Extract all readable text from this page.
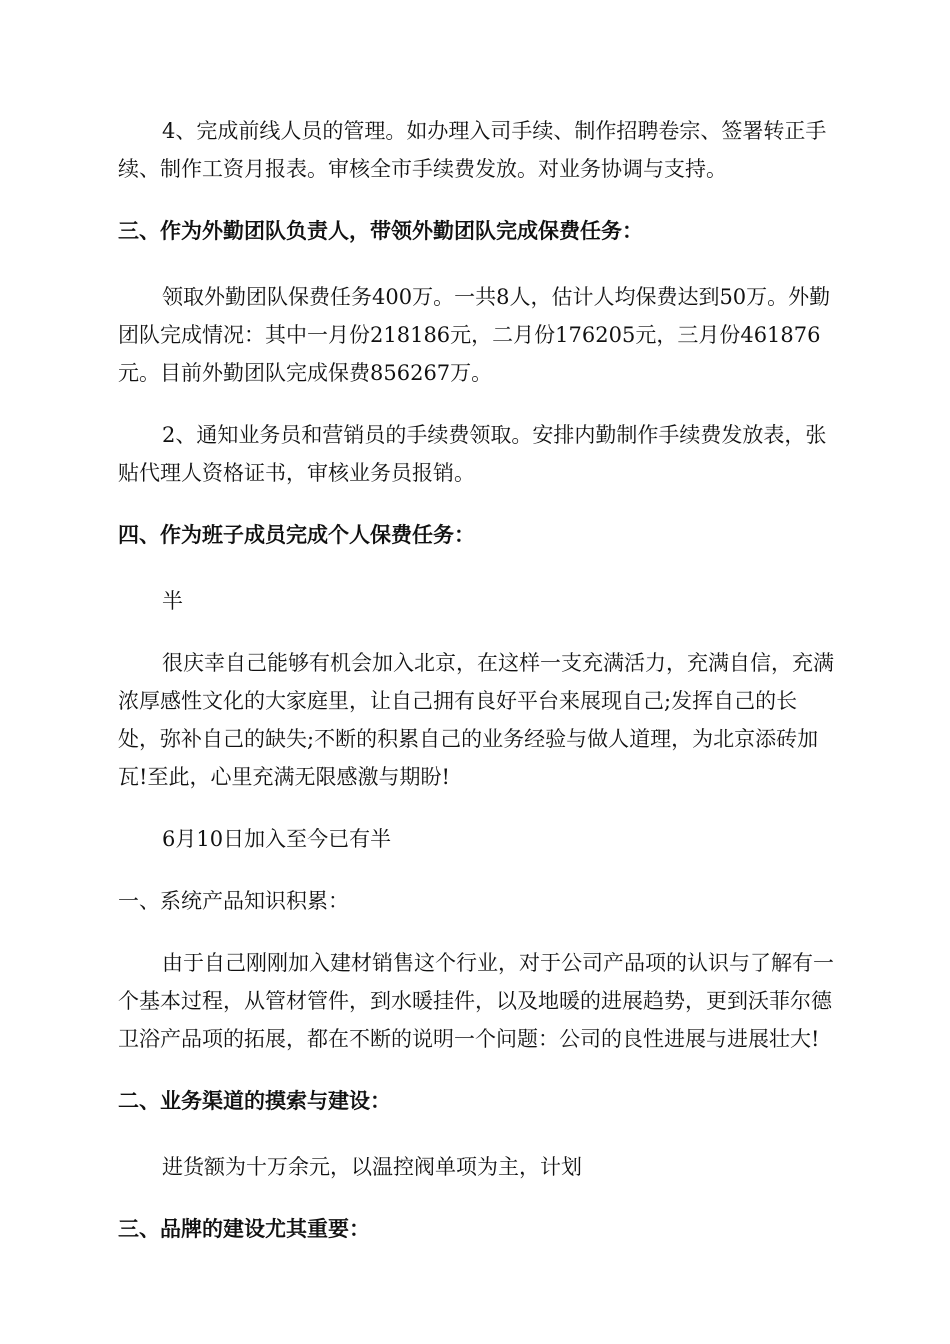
4、完成前线人员的管理。如办理入司手续、制作招聘卷宗、签署转正手续、制作工资月报表。审核全市手续费发放。对业务协调与支持。

三、作为外勤团队负责人，带领外勤团队完成保费任务：

领取外勤团队保费任务400万。一共8人，估计人均保费达到50万。外勤团队完成情况：其中一月份218186元，二月份176205元，三月份461876元。目前外勤团队完成保费856267万。

2、通知业务员和营销员的手续费领取。安排内勤制作手续费发放表，张贴代理人资格证书，审核业务员报销。

四、作为班子成员完成个人保费任务：

半

很庆幸自己能够有机会加入北京，在这样一支充满活力，充满自信，充满浓厚感性文化的大家庭里，让自己拥有良好平台来展现自己;发挥自己的长处，弥补自己的缺失;不断的积累自己的业务经验与做人道理，为北京添砖加瓦!至此，心里充满无限感激与期盼!

6月10日加入至今已有半

一、系统产品知识积累：

由于自己刚刚加入建材销售这个行业，对于公司产品项的认识与了解有一个基本过程，从管材管件，到水暖挂件，以及地暖的进展趋势，更到沃菲尔德卫浴产品项的拓展，都在不断的说明一个问题：公司的良性进展与进展壮大!

二、业务渠道的摸索与建设：

进货额为十万余元，以温控阀单项为主，计划

三、品牌的建设尤其重要：
